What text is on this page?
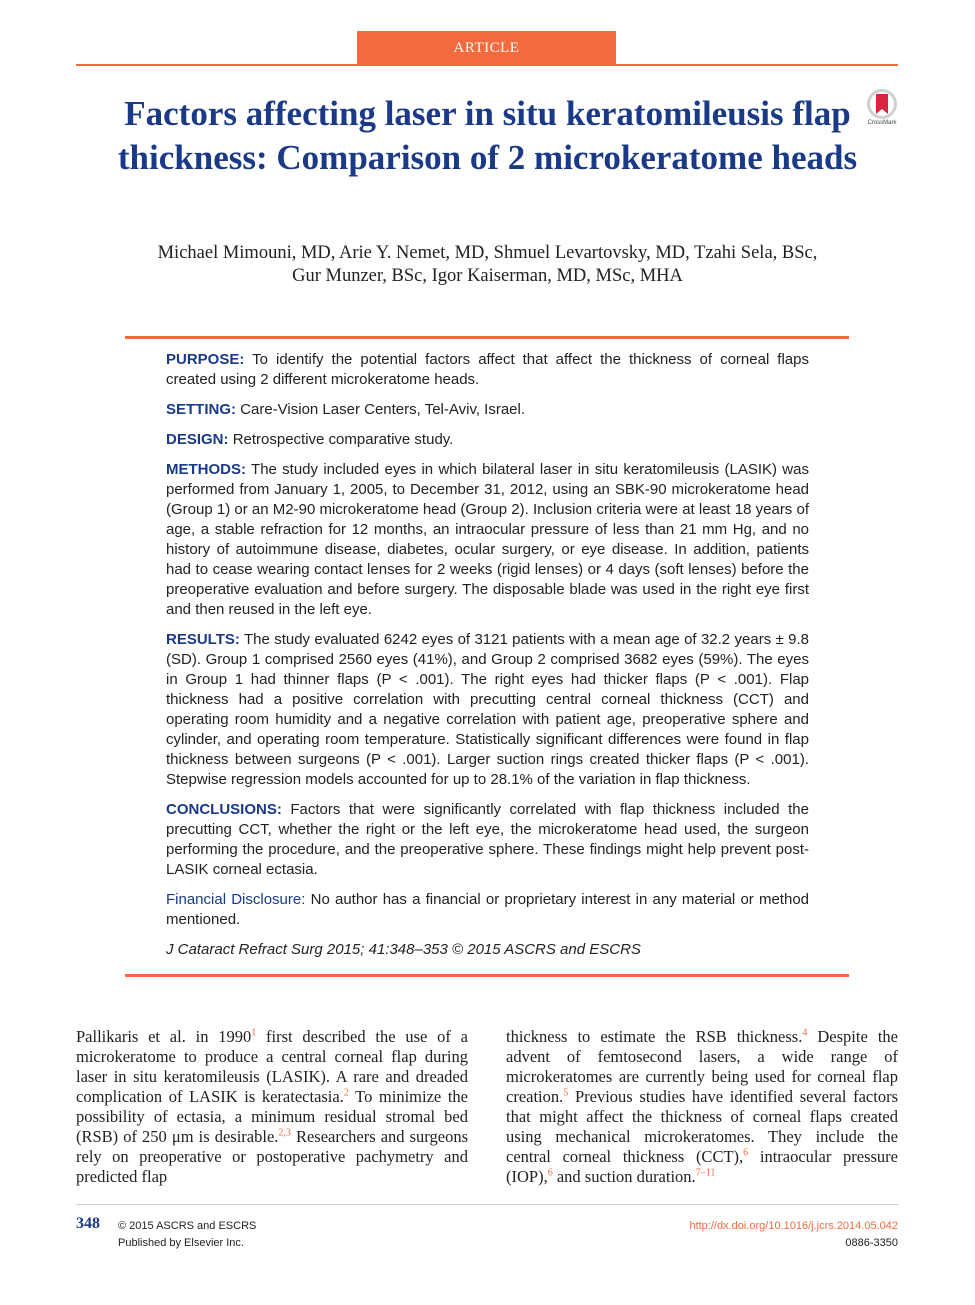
ARTICLE
Factors affecting laser in situ keratomileusis flap thickness: Comparison of 2 microkeratome heads
CrossMark
Michael Mimouni, MD, Arie Y. Nemet, MD, Shmuel Levartovsky, MD, Tzahi Sela, BSc,
Gur Munzer, BSc, Igor Kaiserman, MD, MSc, MHA

PURPOSE: To identify the potential factors affect that affect the thickness of corneal flaps created using 2 different microkeratome heads.

SETTING: Care-Vision Laser Centers, Tel-Aviv, Israel.

DESIGN: Retrospective comparative study.

METHODS: The study included eyes in which bilateral laser in situ keratomileusis (LASIK) was performed from January 1, 2005, to December 31, 2012, using an SBK-90 microkeratome head (Group 1) or an M2-90 microkeratome head (Group 2). Inclusion criteria were at least 18 years of age, a stable refraction for 12 months, an intraocular pressure of less than 21 mm Hg, and no history of autoimmune disease, diabetes, ocular surgery, or eye disease. In addition, patients had to cease wearing contact lenses for 2 weeks (rigid lenses) or 4 days (soft lenses) before the preoperative evaluation and before surgery. The disposable blade was used in the right eye first and then reused in the left eye.

RESULTS: The study evaluated 6242 eyes of 3121 patients with a mean age of 32.2 years ± 9.8 (SD). Group 1 comprised 2560 eyes (41%), and Group 2 comprised 3682 eyes (59%). The eyes in Group 1 had thinner flaps (P < .001). The right eyes had thicker flaps (P < .001). Flap thickness had a positive correlation with precutting central corneal thickness (CCT) and operating room humidity and a negative correlation with patient age, preoperative sphere and cylinder, and operating room temperature. Statistically significant differences were found in flap thickness between surgeons (P < .001). Larger suction rings created thicker flaps (P < .001). Stepwise regression models accounted for up to 28.1% of the variation in flap thickness.

CONCLUSIONS: Factors that were significantly correlated with flap thickness included the precutting CCT, whether the right or the left eye, the microkeratome head used, the surgeon performing the procedure, and the preoperative sphere. These findings might help prevent post-LASIK corneal ectasia.

Financial Disclosure: No author has a financial or proprietary interest in any material or method mentioned.

J Cataract Refract Surg 2015; 41:348–353 © 2015 ASCRS and ESCRS

Pallikaris et al. in 1990$^1$ first described the use of a microkeratome to produce a central corneal flap during laser in situ keratomileusis (LASIK). A rare and dreaded complication of LASIK is keratectasia.$^2$ To minimize the possibility of ectasia, a minimum residual stromal bed (RSB) of 250 μm is desirable.$^{2,3}$ Researchers and surgeons rely on preoperative or postoperative pachymetry and predicted flap

thickness to estimate the RSB thickness.$^4$ Despite the advent of femtosecond lasers, a wide range of microkeratomes are currently being used for corneal flap creation.$^5$ Previous studies have identified several factors that might affect the thickness of corneal flaps created using mechanical microkeratomes. They include the central corneal thickness (CCT),$^6$ intraocular pressure (IOP),$^6$ and suction duration.$^{7-11}$

348 © 2015 ASCRS and ESCRS
Published by Elsevier Inc.
http://dx.doi.org/10.1016/j.jcrs.2014.05.042
0886-3350
